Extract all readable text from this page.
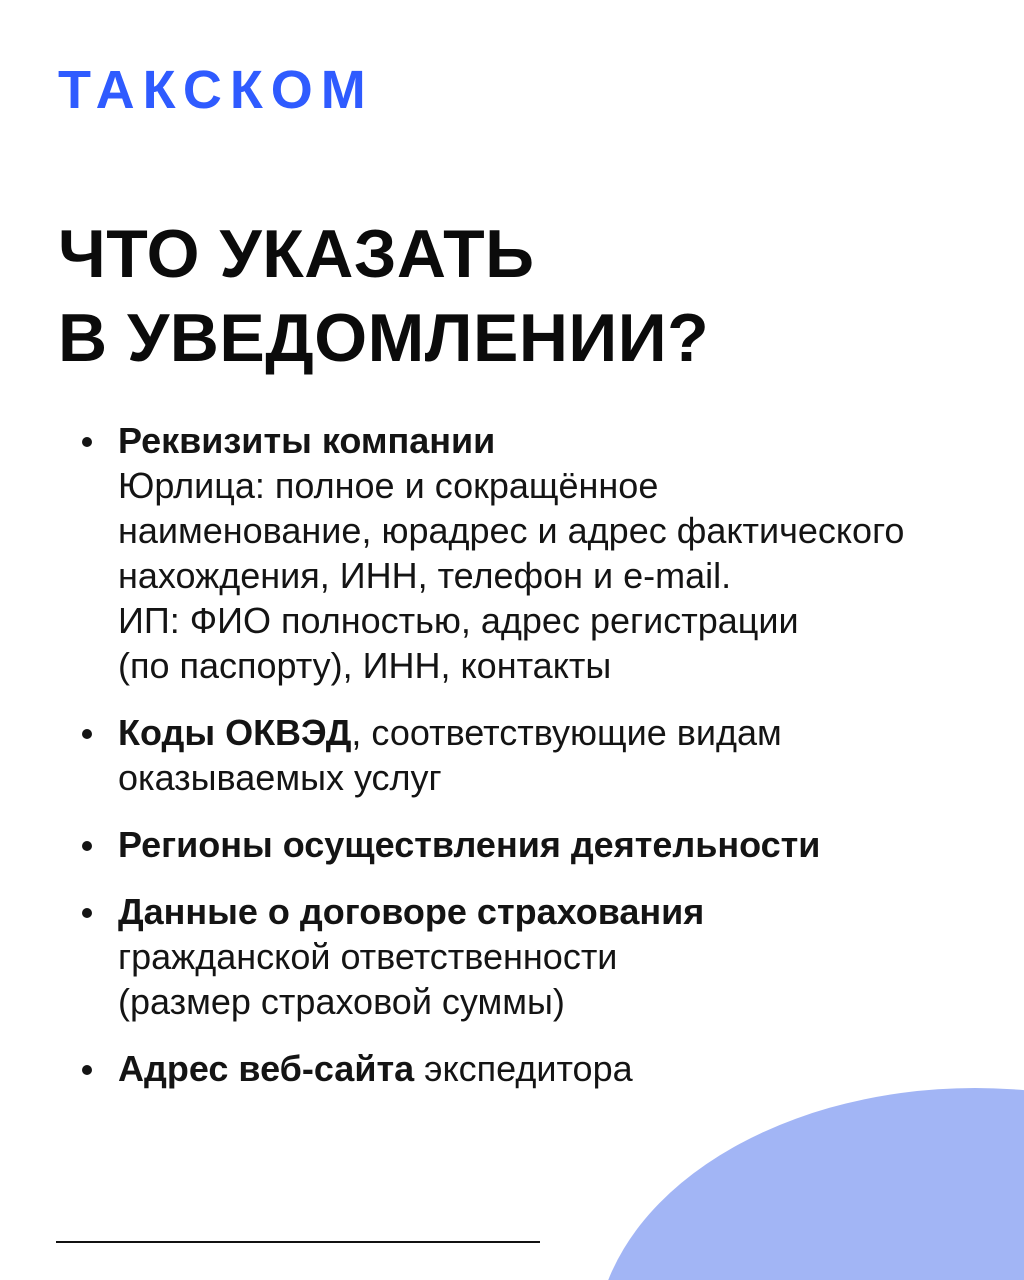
ТАКСКОМ
ЧТО УКАЗАТЬ
В УВЕДОМЛЕНИИ?
Реквизиты компании
Юрлица: полное и сокращённое
наименование, юрадрес и адрес фактического
нахождения, ИНН, телефон и e-mail.
ИП: ФИО полностью, адрес регистрации
(по паспорту), ИНН, контакты
Коды ОКВЭД, соответствующие видам
оказываемых услуг
Регионы осуществления деятельности
Данные о договоре страхования
гражданской ответственности
(размер страховой суммы)
Адрес веб-сайта экспедитора
